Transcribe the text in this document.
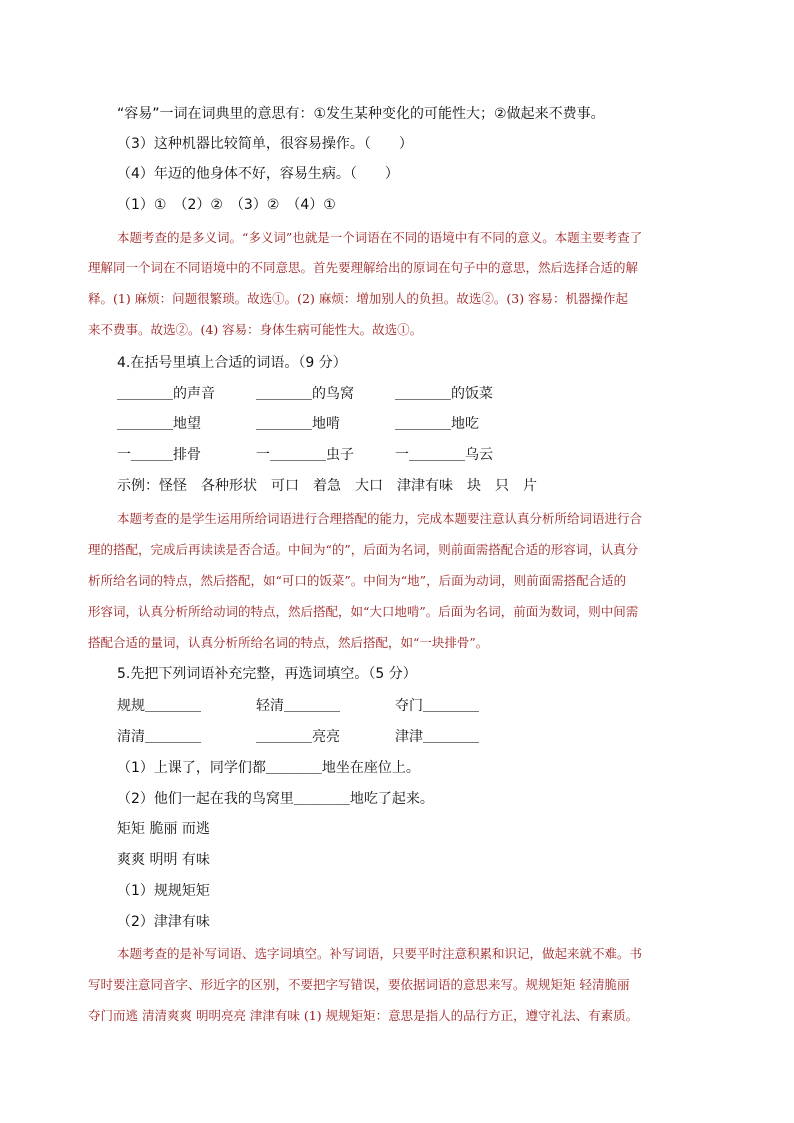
“容易”一词在词典里的意思有：①发生某种变化的可能性大；②做起来不费事。
（3）这种机器比较简单，很容易操作。（　　）
（4）年迈的他身体不好，容易生病。（　　）
（1）①　（2）②　（3）②　（4）①
本题考查的是多义词。“多义词”也就是一个词语在不同的语境中有不同的意义。本题主要考查了
理解同一个词在不同语境中的不同意思。首先要理解给出的原词在句子中的意思，然后选择合适的解
释。(1) 麻烦：问题很繁琐。故选①。(2) 麻烦：增加别人的负担。故选②。(3) 容易：机器操作起
来不费事。故选②。(4) 容易：身体生病可能性大。故选①。
4.在括号里填上合适的词语。（9 分）
＿＿＿＿的声音	＿＿＿＿的鸟窝	＿＿＿＿的饭菜
＿＿＿＿地望	＿＿＿＿地啃	＿＿＿＿地吃
一＿＿＿排骨	一＿＿＿＿虫子	一＿＿＿＿乌云
示例：怪怪　各种形状　可口　着急　大口　津津有味　块　只　片
本题考查的是学生运用所给词语进行合理搭配的能力，完成本题要注意认真分析所给词语进行合
理的搭配，完成后再读读是否合适。中间为“的”，后面为名词，则前面需搭配合适的形容词，认真分
析所给名词的特点，然后搭配，如“可口的饭菜”。中间为“地”，后面为动词，则前面需搭配合适的
形容词，认真分析所给动词的特点，然后搭配，如“大口地啃”。后面为名词，前面为数词，则中间需
搭配合适的量词，认真分析所给名词的特点，然后搭配，如“一块排骨”。
5.先把下列词语补充完整，再选词填空。（5 分）
规规＿＿＿＿	轻清＿＿＿＿	夺门＿＿＿＿
清清＿＿＿＿	＿＿＿＿亮亮	津津＿＿＿＿
（1）上课了，同学们都＿＿＿＿地坐在座位上。
（2）他们一起在我的鸟窝里＿＿＿＿地吃了起来。
矩矩 脆丽 而逃
爽爽 明明 有味
（1）规规矩矩
（2）津津有味
本题考查的是补写词语、选字词填空。补写词语，只要平时注意积累和识记，做起来就不难。书
写时要注意同音字、形近字的区别，不要把字写错误，要依据词语的意思来写。规规矩矩 轻清脆丽
夺门而逃 清清爽爽 明明亮亮 津津有味 (1) 规规矩矩：意思是指人的品行方正，遵守礼法、有素质。
